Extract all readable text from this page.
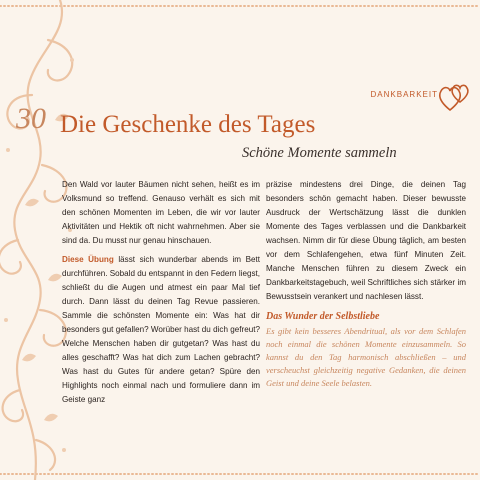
DANKBARKEIT
30 Die Geschenke des Tages
Schöne Momente sammeln

Den Wald vor lauter Bäumen nicht sehen, heißt es im Volksmund so treffend. Genauso verhält es sich mit den schönen Momenten im Leben, die wir vor lauter Aktivitäten und Hektik oft nicht wahrnehmen. Aber sie sind da. Du musst nur genau hinschauen.

Diese Übung lässt sich wunderbar abends im Bett durchführen. Sobald du entspannt in den Federn liegst, schließt du die Augen und atmest ein paar Mal tief durch. Dann lässt du deinen Tag Revue passieren. Sammle die schönsten Momente ein: Was hat dir besonders gut gefallen? Worüber hast du dich gefreut? Welche Menschen haben dir gutgetan? Was hast du alles geschafft? Was hat dich zum Lachen gebracht? Was hast du Gutes für andere getan? Spüre den Highlights noch einmal nach und formuliere dann im Geiste ganz

präzise mindestens drei Dinge, die deinen Tag besonders schön gemacht haben. Dieser bewusste Ausdruck der Wertschätzung lässt die dunklen Momente des Tages verblassen und die Dankbarkeit wachsen. Nimm dir für diese Übung täglich, am besten vor dem Schlafengehen, etwa fünf Minuten Zeit. Manche Menschen führen zu diesem Zweck ein Dankbarkeitstagebuch, weil Schriftliches sich stärker im Bewusstsein verankert und nachlesen lässt.

Das Wunder der Selbstliebe

Es gibt kein besseres Abendritual, als vor dem Schlafen noch einmal die schönen Momente einzusammeln. So kannst du den Tag harmonisch abschließen – und verscheuchst gleichzeitig negative Gedanken, die deinen Geist und deine Seele belasten.
